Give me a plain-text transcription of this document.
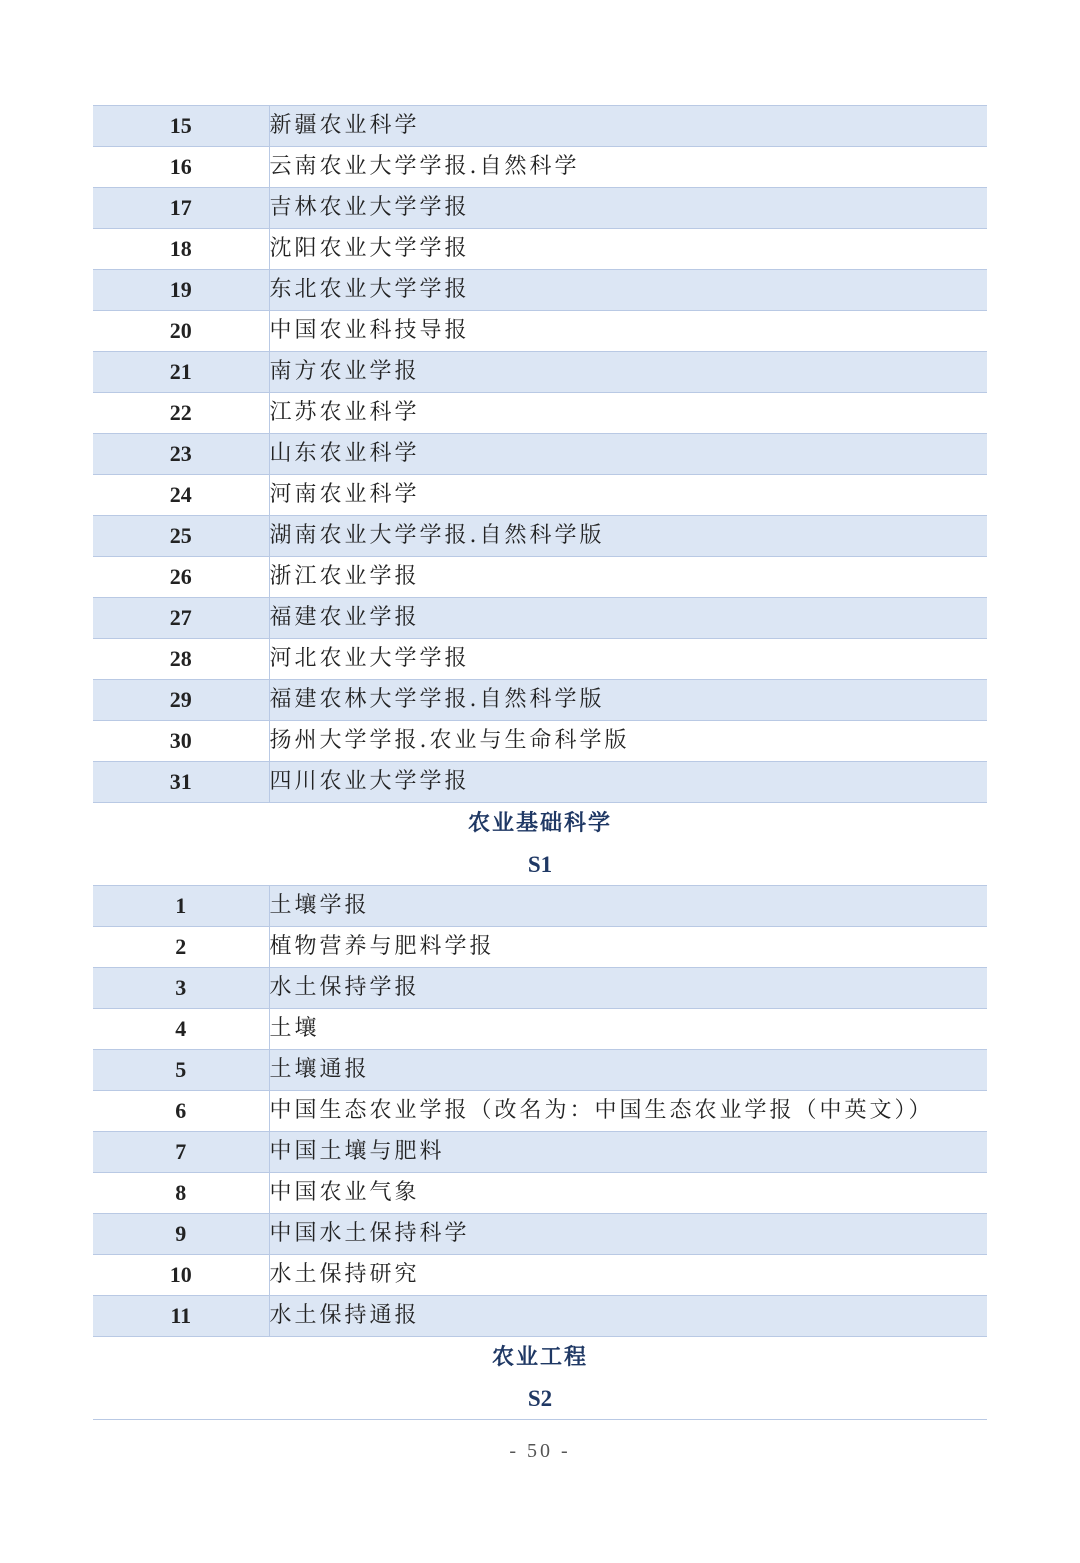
15	新疆农业科学
16	云南农业大学学报.自然科学
17	吉林农业大学学报
18	沈阳农业大学学报
19	东北农业大学学报
20	中国农业科技导报
21	南方农业学报
22	江苏农业科学
23	山东农业科学
24	河南农业科学
25	湖南农业大学学报.自然科学版
26	浙江农业学报
27	福建农业学报
28	河北农业大学学报
29	福建农林大学学报.自然科学版
30	扬州大学学报.农业与生命科学版
31	四川农业大学学报
农业基础科学
S1
1	土壤学报
2	植物营养与肥料学报
3	水土保持学报
4	土壤
5	土壤通报
6	中国生态农业学报（改名为：中国生态农业学报（中英文））
7	中国土壤与肥料
8	中国农业气象
9	中国水土保持科学
10	水土保持研究
11	水土保持通报
农业工程
S2
- 50 -
